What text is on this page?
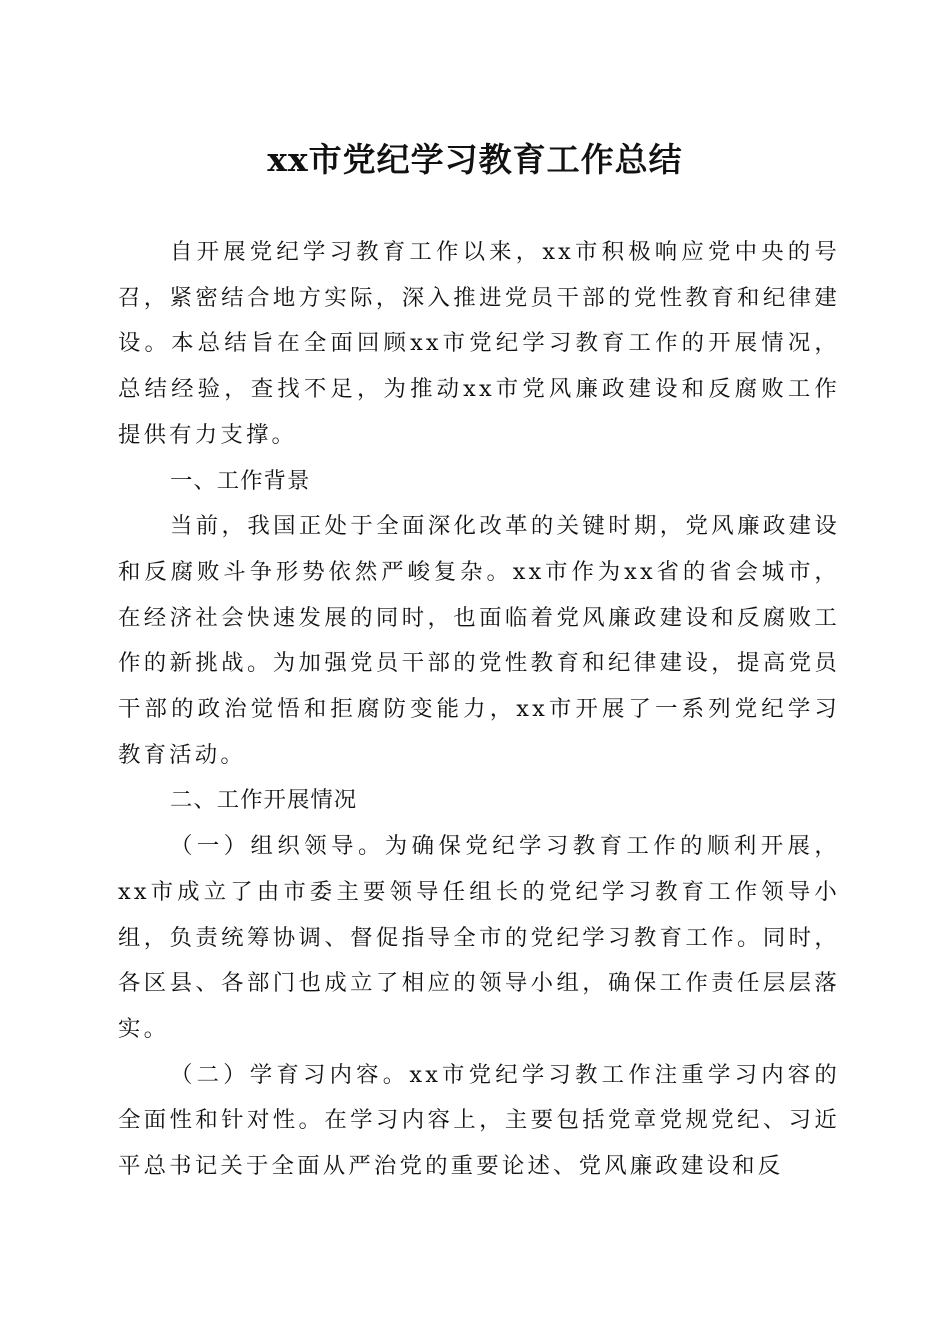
xx市党纪学习教育工作总结

自开展党纪学习教育工作以来，xx市积极响应党中央的号召，紧密结合地方实际，深入推进党员干部的党性教育和纪律建设。本总结旨在全面回顾xx市党纪学习教育工作的开展情况，总结经验，查找不足，为推动xx市党风廉政建设和反腐败工作提供有力支撑。

一、工作背景

当前，我国正处于全面深化改革的关键时期，党风廉政建设和反腐败斗争形势依然严峻复杂。xx市作为xx省的省会城市，在经济社会快速发展的同时，也面临着党风廉政建设和反腐败工作的新挑战。为加强党员干部的党性教育和纪律建设，提高党员干部的政治觉悟和拒腐防变能力，xx市开展了一系列党纪学习教育活动。

二、工作开展情况

（一）组织领导。为确保党纪学习教育工作的顺利开展，xx市成立了由市委主要领导任组长的党纪学习教育工作领导小组，负责统筹协调、督促指导全市的党纪学习教育工作。同时，各区县、各部门也成立了相应的领导小组，确保工作责任层层落实。

（二）学育习内容。xx市党纪学习教工作注重学习内容的全面性和针对性。在学习内容上，主要包括党章党规党纪、习近平总书记关于全面从严治党的重要论述、党风廉政建设和反
